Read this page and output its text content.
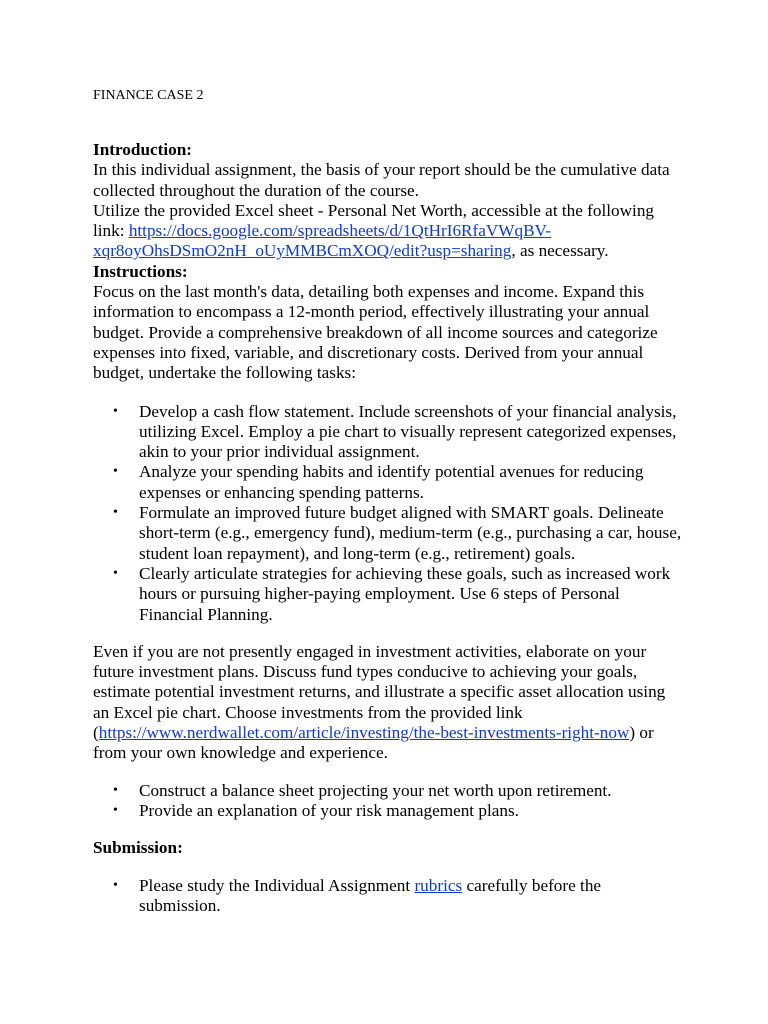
FINANCE CASE 2

Introduction:

In this individual assignment, the basis of your report should be the cumulative data collected throughout the duration of the course.

Utilize the provided Excel sheet - Personal Net Worth, accessible at the following link: https://docs.google.com/spreadsheets/d/1QtHrI6RfaVWqBV-xqr8oyOhsDSmO2nH_oUyMMBCmXOQ/edit?usp=sharing, as necessary.

Instructions:

Focus on the last month's data, detailing both expenses and income. Expand this information to encompass a 12-month period, effectively illustrating your annual budget. Provide a comprehensive breakdown of all income sources and categorize expenses into fixed, variable, and discretionary costs. Derived from your annual budget, undertake the following tasks:

• Develop a cash flow statement. Include screenshots of your financial analysis, utilizing Excel. Employ a pie chart to visually represent categorized expenses, akin to your prior individual assignment.
• Analyze your spending habits and identify potential avenues for reducing expenses or enhancing spending patterns.
• Formulate an improved future budget aligned with SMART goals. Delineate short-term (e.g., emergency fund), medium-term (e.g., purchasing a car, house, student loan repayment), and long-term (e.g., retirement) goals.
• Clearly articulate strategies for achieving these goals, such as increased work hours or pursuing higher-paying employment. Use 6 steps of Personal Financial Planning.

Even if you are not presently engaged in investment activities, elaborate on your future investment plans. Discuss fund types conducive to achieving your goals, estimate potential investment returns, and illustrate a specific asset allocation using an Excel pie chart. Choose investments from the provided link (https://www.nerdwallet.com/article/investing/the-best-investments-right-now) or from your own knowledge and experience.

• Construct a balance sheet projecting your net worth upon retirement.
• Provide an explanation of your risk management plans.

Submission:

• Please study the Individual Assignment rubrics carefully before the submission.
